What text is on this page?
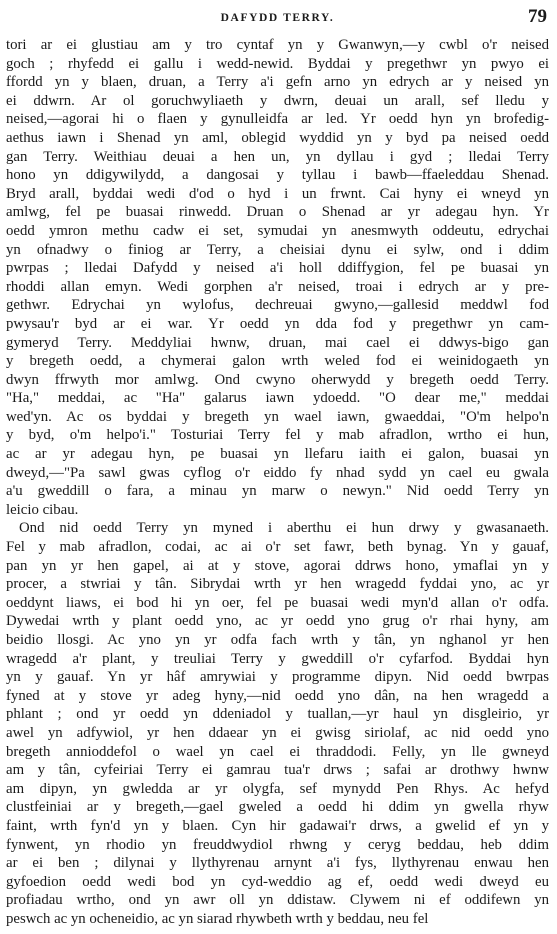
DAFYDD TERRY.	79
tori ar ei glustiau am y tro cyntaf yn y Gwanwyn,—y cwbl o'r neised
goch ; rhyfedd ei gallu i wedd-newid. Byddai y pregethwr yn pwyo ei
ffordd yn y blaen, druan, a Terry a'i gefn arno yn edrych ar y neised yn
ei ddwrn. Ar ol goruchwyliaeth y dwrn, deuai un arall, sef lledu y
neised,—agorai hi o flaen y gynulleidfa ar led. Yr oedd hyn yn brofedig-
aethus iawn i Shenad yn aml, oblegid wyddid yn y byd pa neised oedd
gan Terry. Weithiau deuai a hen un, yn dyllau i gyd ; lledai Terry
hono yn ddigywilydd, a dangosai y tyllau i bawb—ffaeleddau Shenad.
Bryd arall, byddai wedi d'od o hyd i un frwnt. Cai hyny ei wneyd yn
amlwg, fel pe buasai rinwedd. Druan o Shenad ar yr adegau hyn. Yr
oedd ymron methu cadw ei set, symudai yn anesmwyth oddeutu, edrychai
yn ofnadwy o finiog ar Terry, a cheisiai dynu ei sylw, ond i ddim
pwrpas ; lledai Dafydd y neised a'i holl ddiffygion, fel pe buasai yn
rhoddi allan emyn. Wedi gorphen a'r neised, troai i edrych ar y pre-
gethwr. Edrychai yn wylofus, dechreuai gwyno,—gallesid meddwl fod
pwysau'r byd ar ei war. Yr oedd yn dda fod y pregethwr yn cam-
gymeryd Terry. Meddyliai hwnw, druan, mai cael ei ddwys-bigo gan
y bregeth oedd, a chymerai galon wrth weled fod ei weinidogaeth yn
dwyn ffrwyth mor amlwg. Ond cwyno oherwydd y bregeth oedd Terry.
"Ha," meddai, ac "Ha" galarus iawn ydoedd. "O dear me," meddai
wed'yn. Ac os byddai y bregeth yn wael iawn, gwaeddai, "O'm helpo'n
y byd, o'm helpo'i." Tosturiai Terry fel y mab afradlon, wrtho ei hun,
ac ar yr adegau hyn, pe buasai yn llefaru iaith ei galon, buasai yn
dweyd,—"Pa sawl gwas cyflog o'r eiddo fy nhad sydd yn cael eu gwala
a'u gweddill o fara, a minau yn marw o newyn." Nid oedd Terry yn
leicio cibau.
Ond nid oedd Terry yn myned i aberthu ei hun drwy y gwasanaeth.
Fel y mab afradlon, codai, ac ai o'r set fawr, beth bynag. Yn y gauaf,
pan yn yr hen gapel, ai at y stove, agorai ddrws hono, ymaflai yn y
procer, a stwriai y tân. Sibrydai wrth yr hen wragedd fyddai yno, ac yr
oeddynt liaws, ei bod hi yn oer, fel pe buasai wedi myn'd allan o'r odfa.
Dywedai wrth y plant oedd yno, ac yr oedd yno grug o'r rhai hyny, am
beidio llosgi. Ac yno yn yr odfa fach wrth y tân, yn nghanol yr hen
wragedd a'r plant, y treuliai Terry y gweddill o'r cyfarfod. Byddai hyn
yn y gauaf. Yn yr hâf amrywiai y programme dipyn. Nid oedd bwrpas
fyned at y stove yr adeg hyny,—nid oedd yno dân, na hen wragedd a
phlant ; ond yr oedd yn ddeniadol y tuallan,—yr haul yn disgleirio, yr
awel yn adfywiol, yr hen ddaear yn ei gwisg siriolaf, ac nid oedd yno
bregeth annioddefol o wael yn cael ei thraddodi. Felly, yn lle gwneyd
am y tân, cyfeiriai Terry ei gamrau tua'r drws ; safai ar drothwy hwnw
am dipyn, yn gwledda ar yr olygfa, sef mynydd Pen Rhys. Ac hefyd
clustfeiniai ar y bregeth,—gael gweled a oedd hi ddim yn gwella rhyw
faint, wrth fyn'd yn y blaen. Cyn hir gadawai'r drws, a gwelid ef yn y
fynwent, yn rhodio yn freuddwydiol rhwng y ceryg beddau, heb ddim
ar ei ben ; dilynai y llythyrenau arnynt a'i fys, llythyrenau enwau hen
gyfoedion oedd wedi bod yn cyd-weddio ag ef, oedd wedi dweyd eu
profiadau wrtho, ond yn awr oll yn ddistaw. Clywem ni ef oddifewn yn
peswch ac yn ocheneidio, ac yn siarad rhywbeth wrth y beddau, neu fel
